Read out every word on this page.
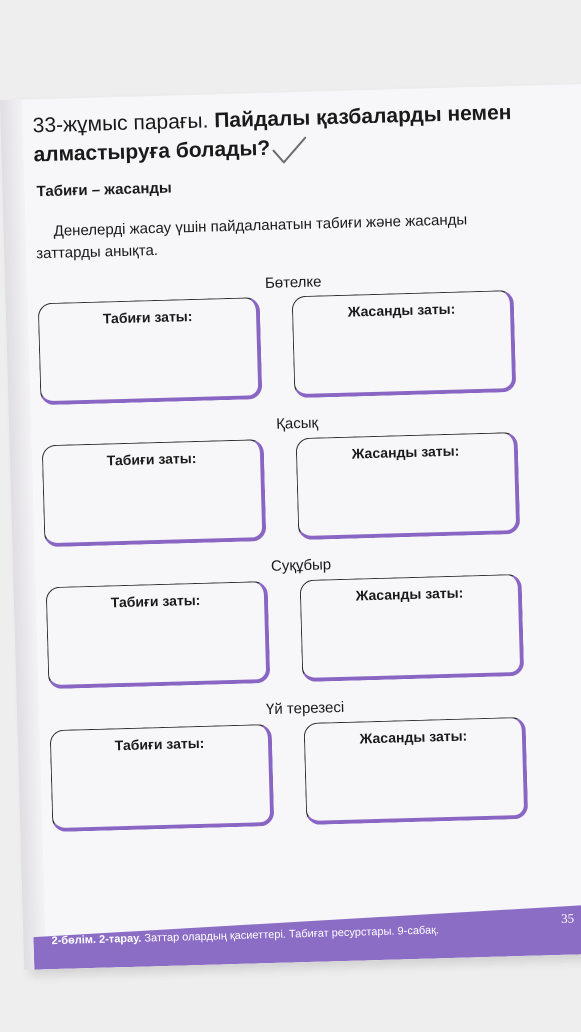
33-жұмыс парағы. Пайдалы қазбаларды немен алмастыруға болады?
Табиғи – жасанды
Денелерді жасау үшін пайдаланатын табиғи және жасанды заттарды анықта.
Бөтелке
Табиғи заты:	Жасанды заты:
Қасық
Табиғи заты:	Жасанды заты:
Суқұбыр
Табиғи заты:	Жасанды заты:
Үй терезесі
Табиғи заты:	Жасанды заты:
2-бөлім. 2-тарау. Заттар олардың қасиеттері. Табиғат ресурстары. 9-сабақ.
35
